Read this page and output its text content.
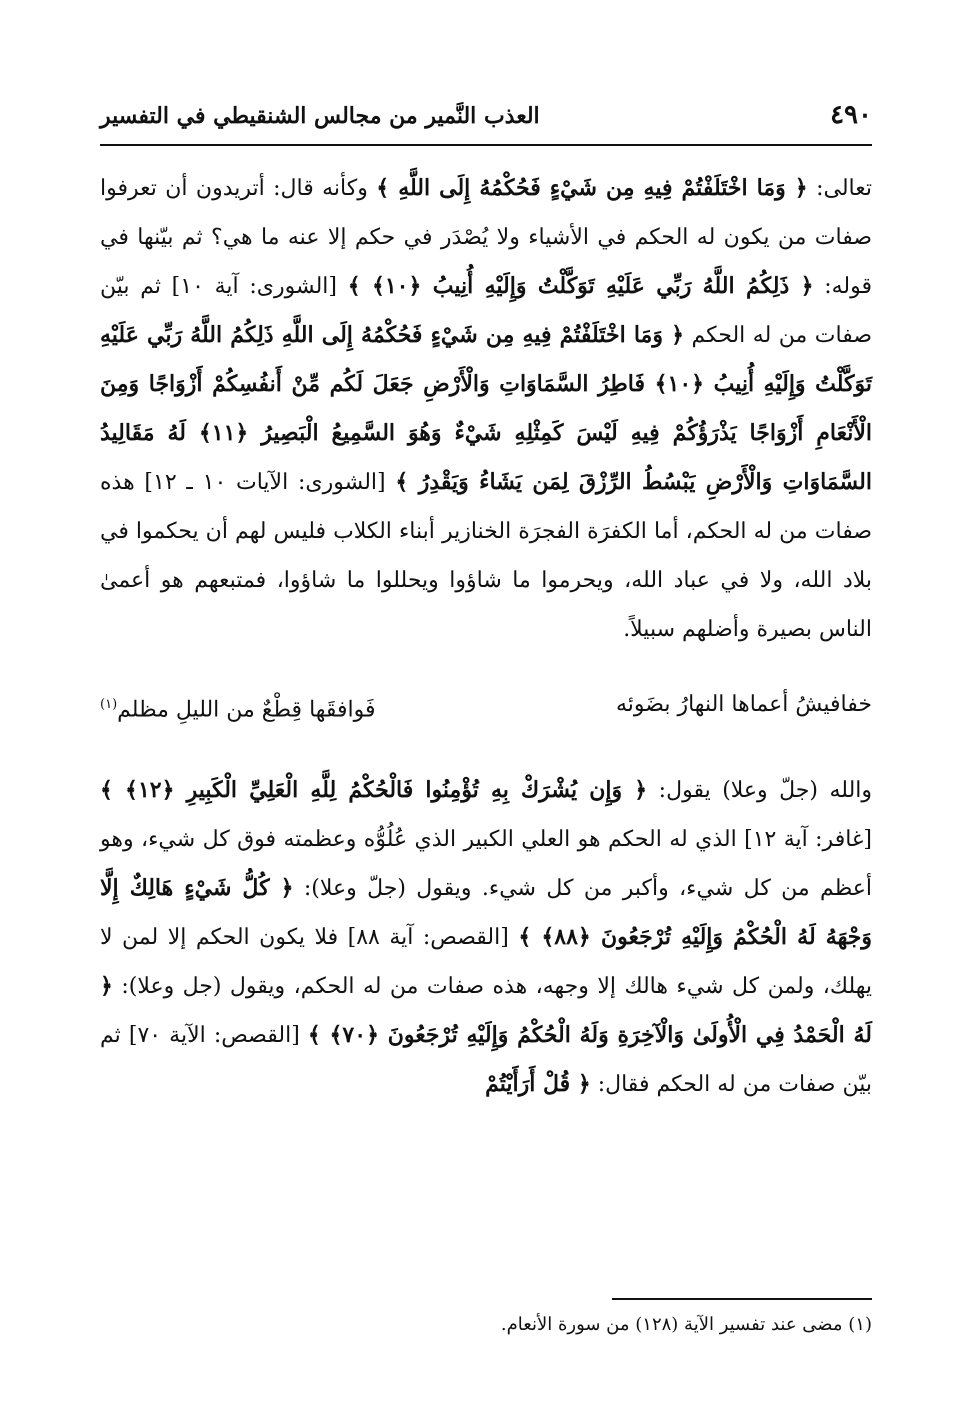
٤٩٠
العذب النَّمير من مجالس الشنقيطي في التفسير

تعالى: ﴿ وَمَا اخْتَلَفْتُمْ فِيهِ مِن شَيْءٍ فَحُكْمُهُ إِلَى اللَّهِ ﴾ وكأنه قال: أتريدون أن تعرفوا صفات من يكون له الحكم في الأشياء ولا يُصْدَر في حكم إلا عنه ما هي؟ ثم بيّنها في قوله: ﴿ ذَلِكُمُ اللَّهُ رَبِّي عَلَيْهِ تَوَكَّلْتُ وَإِلَيْهِ أُنِيبُ ﴿١٠﴾ ﴾ [الشورى: آية ١٠] ثم بيّن صفات من له الحكم ﴿ وَمَا اخْتَلَفْتُمْ فِيهِ مِن شَيْءٍ فَحُكْمُهُ إِلَى اللَّهِ ذَلِكُمُ اللَّهُ رَبِّي عَلَيْهِ تَوَكَّلْتُ وَإِلَيْهِ أُنِيبُ ﴿١٠﴾ فَاطِرُ السَّمَاوَاتِ وَالْأَرْضِ جَعَلَ لَكُم مِّنْ أَنفُسِكُمْ أَزْوَاجًا وَمِنَ الْأَنْعَامِ أَزْوَاجًا يَذْرَؤُكُمْ فِيهِ لَيْسَ كَمِثْلِهِ شَيْءٌ وَهُوَ السَّمِيعُ الْبَصِيرُ ﴿١١﴾ لَهُ مَقَالِيدُ السَّمَاوَاتِ وَالْأَرْضِ يَبْسُطُ الرِّزْقَ لِمَن يَشَاءُ وَيَقْدِرُ ﴾ [الشورى: الآيات ١٠ ـ ١٢] هذه صفات من له الحكم، أما الكفرَة الفجرَة الخنازير أبناء الكلاب فليس لهم أن يحكموا في بلاد الله، ولا في عباد الله، ويحرموا ما شاؤوا ويحللوا ما شاؤوا، فمتبعهم هو أعمىٰ الناس بصيرة وأضلهم سبيلاً.

خفافيشُ أعماها النهارُ بضَوئه
فَوافقَها قِطْعٌ من الليلِ مظلم$^{(١)}$

والله (جلّ وعلا) يقول: ﴿ وَإِن يُشْرَكْ بِهِ تُؤْمِنُوا فَالْحُكْمُ لِلَّهِ الْعَلِيِّ الْكَبِيرِ ﴿١٢﴾ ﴾ [غافر: آية ١٢] الذي له الحكم هو العلي الكبير الذي عُلُوُّه وعظمته فوق كل شيء، وهو أعظم من كل شيء، وأكبر من كل شيء. ويقول (جلّ وعلا): ﴿ كُلُّ شَيْءٍ هَالِكٌ إِلَّا وَجْهَهُ لَهُ الْحُكْمُ وَإِلَيْهِ تُرْجَعُونَ ﴿٨٨﴾ ﴾ [القصص: آية ٨٨] فلا يكون الحكم إلا لمن لا يهلك، ولمن كل شيء هالك إلا وجهه، هذه صفات من له الحكم، ويقول (جل وعلا): ﴿ لَهُ الْحَمْدُ فِي الْأُولَىٰ وَالْآخِرَةِ وَلَهُ الْحُكْمُ وَإِلَيْهِ تُرْجَعُونَ ﴿٧٠﴾ ﴾ [القصص: الآية ٧٠] ثم بيّن صفات من له الحكم فقال: ﴿ قُلْ أَرَأَيْتُمْ

(١) مضى عند تفسير الآية (١٢٨) من سورة الأنعام.
